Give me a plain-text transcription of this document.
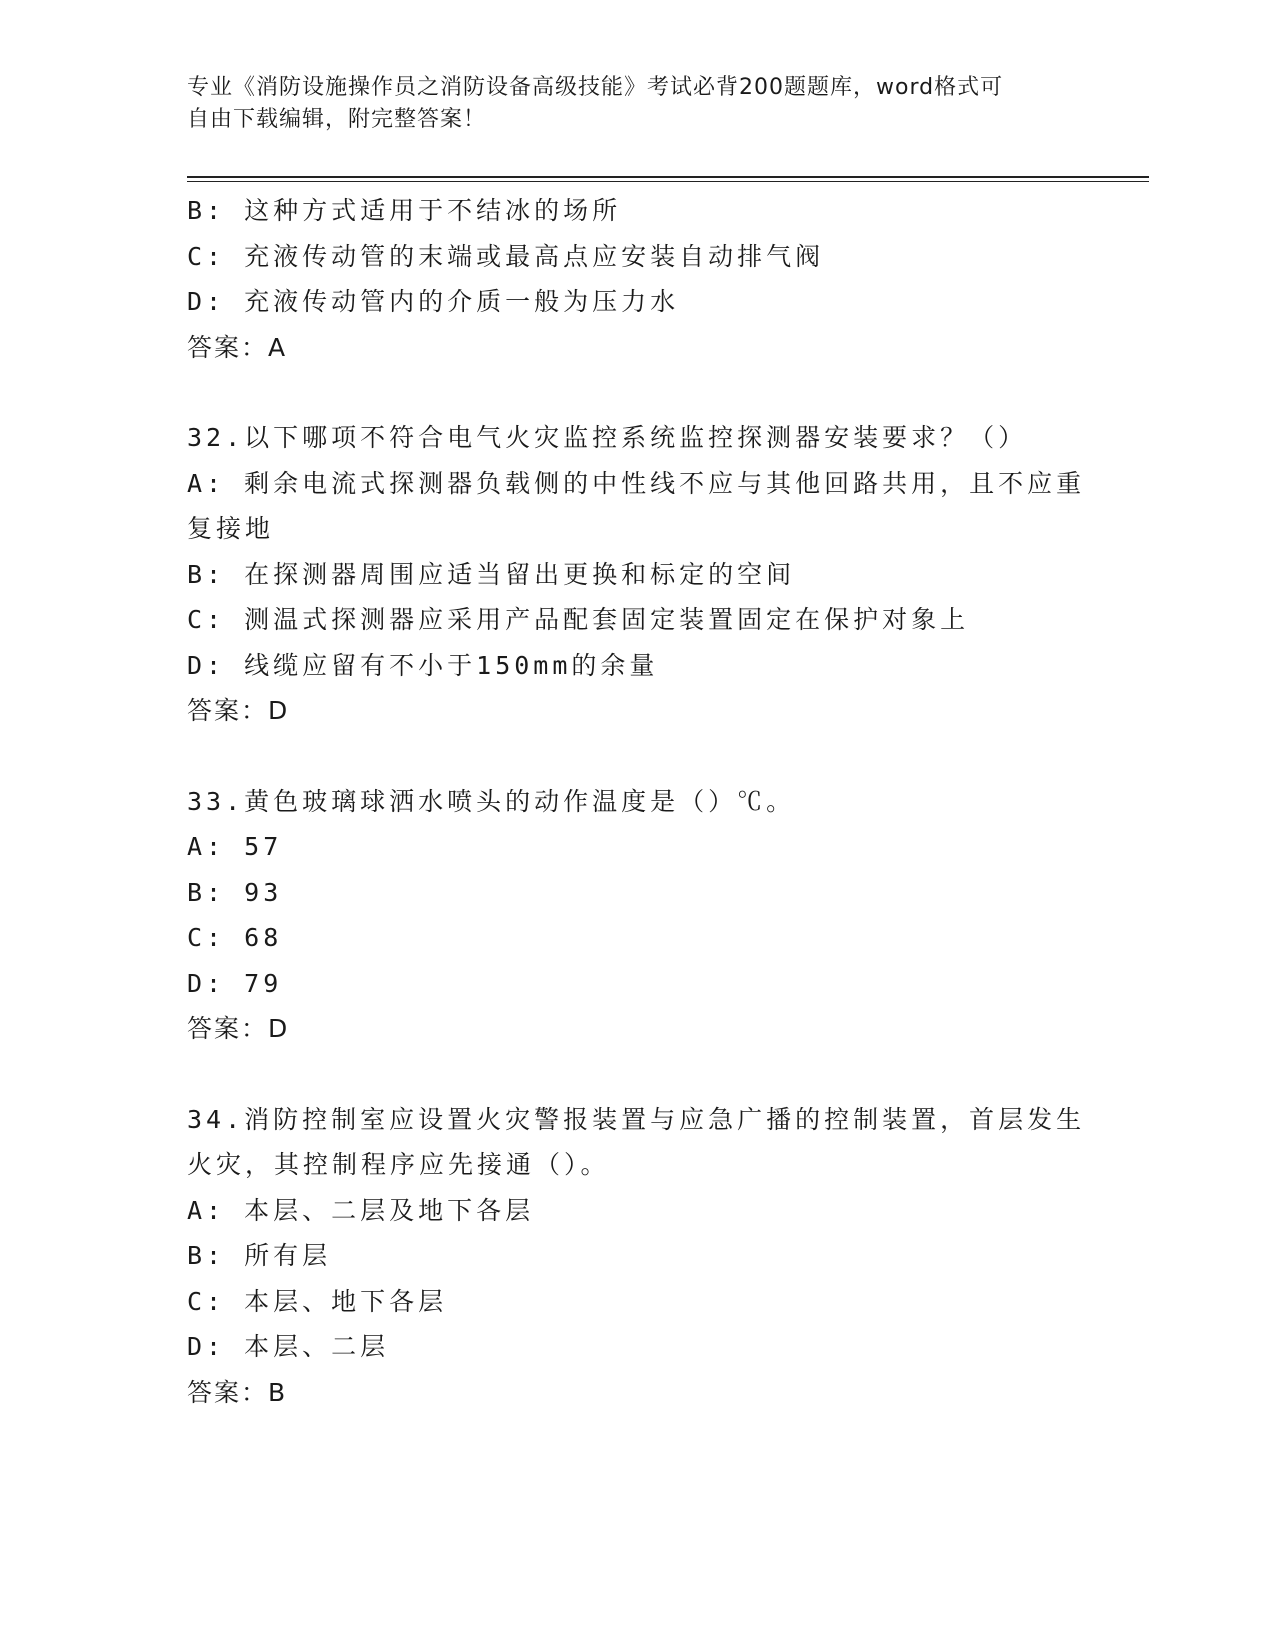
专业《消防设施操作员之消防设备高级技能》考试必背200题题库，word格式可
自由下载编辑，附完整答案！
B: 这种方式适用于不结冰的场所
C: 充液传动管的末端或最高点应安装自动排气阀
D: 充液传动管内的介质一般为压力水
答案：A
32.以下哪项不符合电气火灾监控系统监控探测器安装要求？（）
A: 剩余电流式探测器负载侧的中性线不应与其他回路共用，且不应重复接地
B: 在探测器周围应适当留出更换和标定的空间
C: 测温式探测器应采用产品配套固定装置固定在保护对象上
D: 线缆应留有不小于150mm的余量
答案：D
33.黄色玻璃球洒水喷头的动作温度是（）℃。
A: 57
B: 93
C: 68
D: 79
答案：D
34.消防控制室应设置火灾警报装置与应急广播的控制装置，首层发生火灾，其控制程序应先接通（）。
A: 本层、二层及地下各层
B: 所有层
C: 本层、地下各层
D: 本层、二层
答案：B
